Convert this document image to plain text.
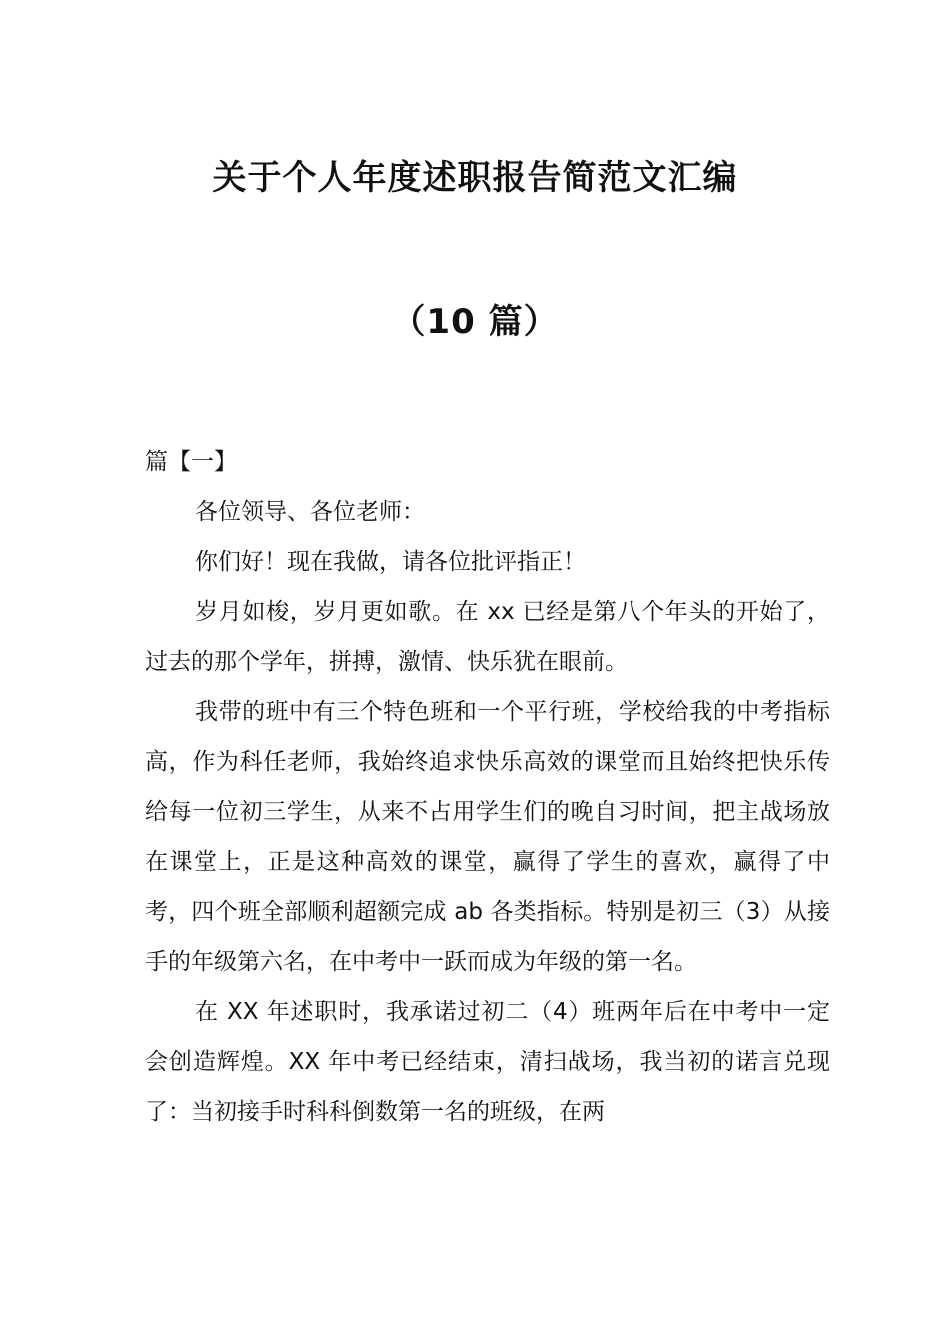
关于个人年度述职报告简范文汇编
（10 篇）

篇【一】

各位领导、各位老师：

你们好！现在我做，请各位批评指正！

岁月如梭，岁月更如歌。在 xx 已经是第八个年头的开始了，过去的那个学年，拼搏，激情、快乐犹在眼前。

我带的班中有三个特色班和一个平行班，学校给我的中考指标高，作为科任老师，我始终追求快乐高效的课堂而且始终把快乐传给每一位初三学生，从来不占用学生们的晚自习时间，把主战场放在课堂上，正是这种高效的课堂，赢得了学生的喜欢，赢得了中考，四个班全部顺利超额完成 ab 各类指标。特别是初三（3）从接手的年级第六名，在中考中一跃而成为年级的第一名。

在 XX 年述职时，我承诺过初二（4）班两年后在中考中一定会创造辉煌。XX 年中考已经结束，清扫战场，我当初的诺言兑现了：当初接手时科科倒数第一名的班级，在两
